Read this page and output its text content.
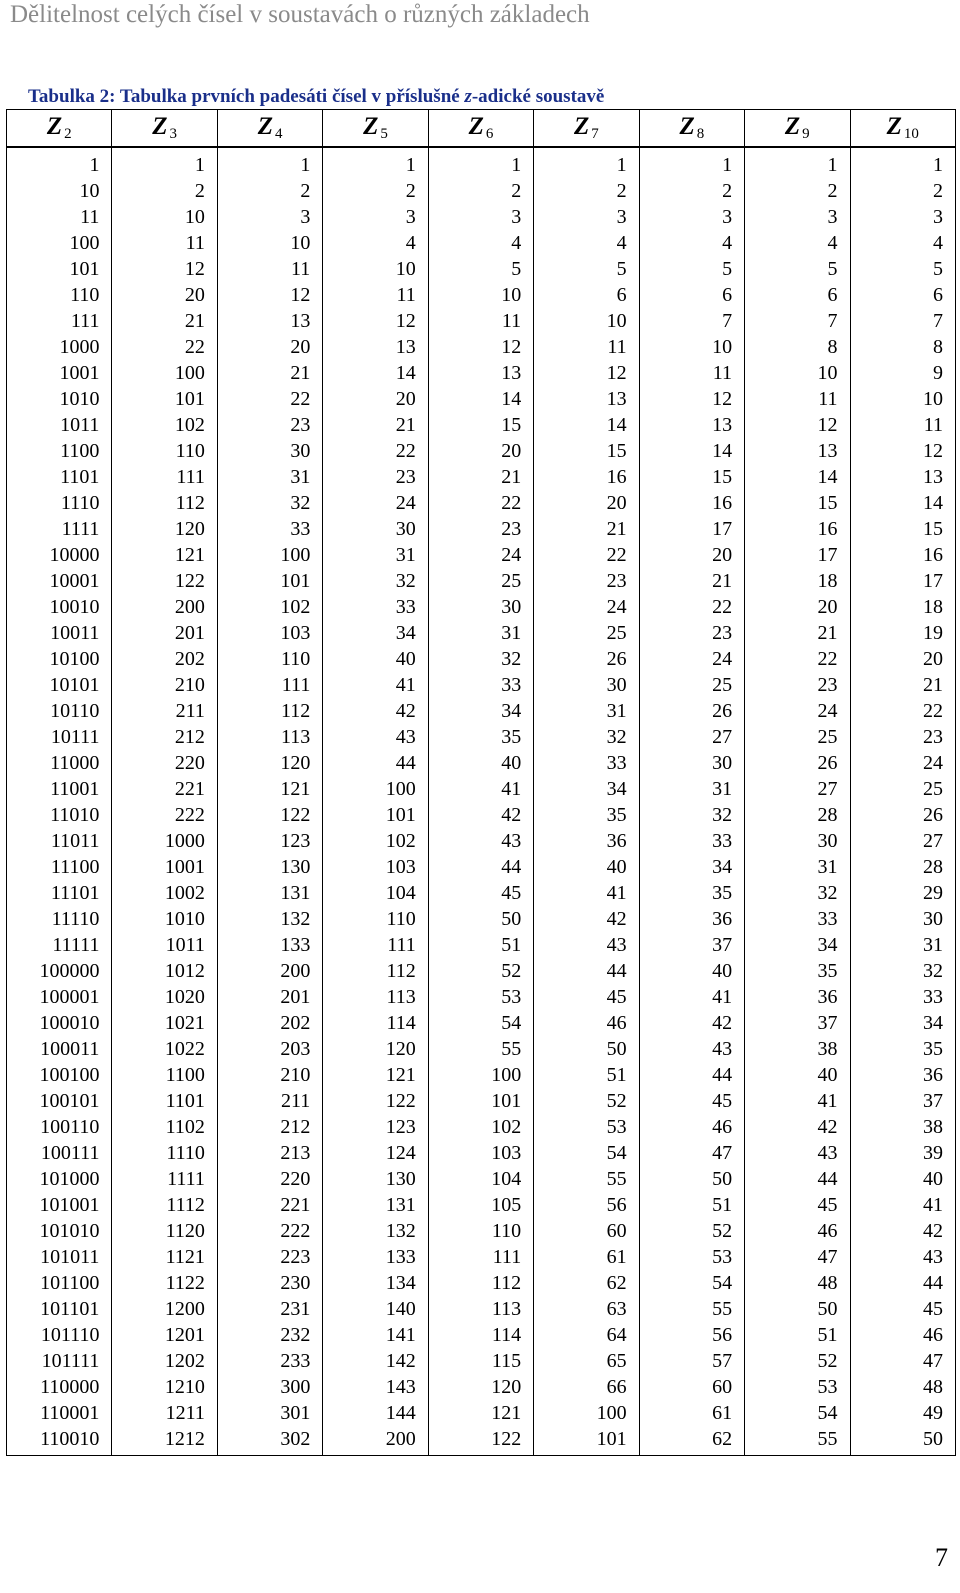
Dělitelnost celých čísel v soustavách o různých základech
Tabulka 2: Tabulka prvních padesáti čísel v příslušné z-adické soustavě
Z $_2$	Z $_3$	Z $_4$	Z $_5$	Z $_6$	Z $_7$	Z $_8$	Z $_9$	Z $_{10}$
1	1	1	1	1	1	1	1	1
10	2	2	2	2	2	2	2	2
11	10	3	3	3	3	3	3	3
100	11	10	4	4	4	4	4	4
101	12	11	10	5	5	5	5	5
110	20	12	11	10	6	6	6	6
111	21	13	12	11	10	7	7	7
1000	22	20	13	12	11	10	8	8
1001	100	21	14	13	12	11	10	9
1010	101	22	20	14	13	12	11	10
1011	102	23	21	15	14	13	12	11
1100	110	30	22	20	15	14	13	12
1101	111	31	23	21	16	15	14	13
1110	112	32	24	22	20	16	15	14
1111	120	33	30	23	21	17	16	15
10000	121	100	31	24	22	20	17	16
10001	122	101	32	25	23	21	18	17
10010	200	102	33	30	24	22	20	18
10011	201	103	34	31	25	23	21	19
10100	202	110	40	32	26	24	22	20
10101	210	111	41	33	30	25	23	21
10110	211	112	42	34	31	26	24	22
10111	212	113	43	35	32	27	25	23
11000	220	120	44	40	33	30	26	24
11001	221	121	100	41	34	31	27	25
11010	222	122	101	42	35	32	28	26
11011	1000	123	102	43	36	33	30	27
11100	1001	130	103	44	40	34	31	28
11101	1002	131	104	45	41	35	32	29
11110	1010	132	110	50	42	36	33	30
11111	1011	133	111	51	43	37	34	31
100000	1012	200	112	52	44	40	35	32
100001	1020	201	113	53	45	41	36	33
100010	1021	202	114	54	46	42	37	34
100011	1022	203	120	55	50	43	38	35
100100	1100	210	121	100	51	44	40	36
100101	1101	211	122	101	52	45	41	37
100110	1102	212	123	102	53	46	42	38
100111	1110	213	124	103	54	47	43	39
101000	1111	220	130	104	55	50	44	40
101001	1112	221	131	105	56	51	45	41
101010	1120	222	132	110	60	52	46	42
101011	1121	223	133	111	61	53	47	43
101100	1122	230	134	112	62	54	48	44
101101	1200	231	140	113	63	55	50	45
101110	1201	232	141	114	64	56	51	46
101111	1202	233	142	115	65	57	52	47
110000	1210	300	143	120	66	60	53	48
110001	1211	301	144	121	100	61	54	49
110010	1212	302	200	122	101	62	55	50
7
